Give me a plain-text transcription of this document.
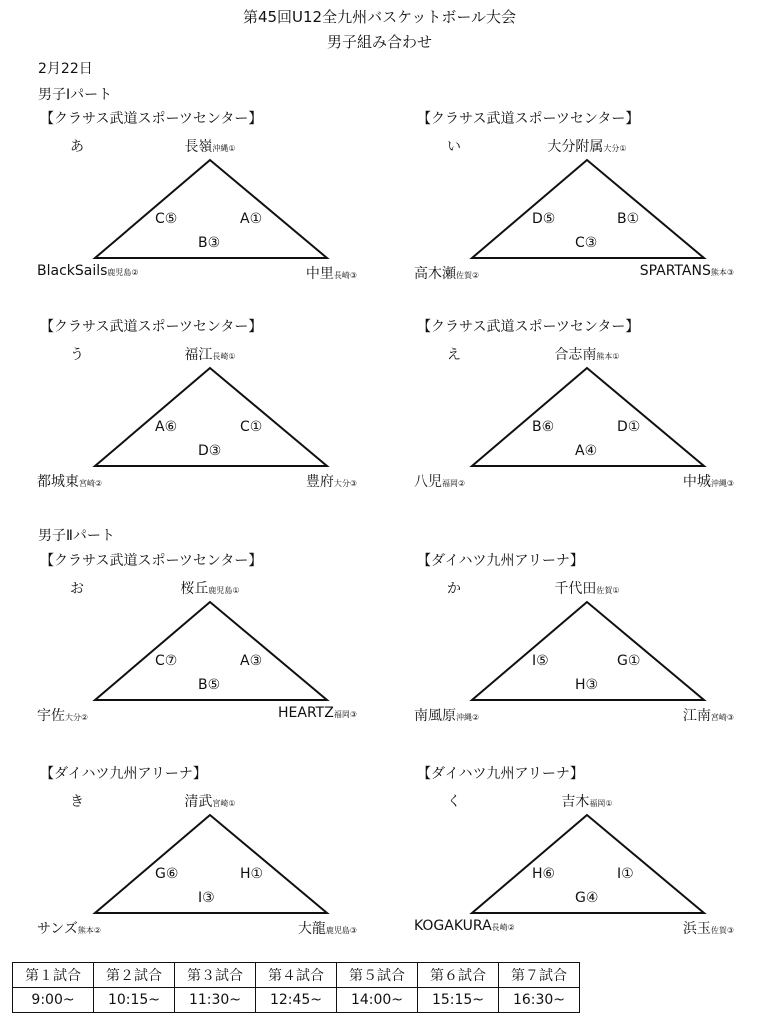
第45回U12全九州バスケットボール大会
男子組み合わせ
2月22日
男子Ⅰパート
男子Ⅱパート
【クラサス武道スポーツセンター】
あ	長嶺沖縄①
BlackSails鹿児島②	中里長崎③
C⑤	A①
B③
【クラサス武道スポーツセンター】
い	大分附属大分①
高木瀬佐賀②	SPARTANS熊本③
D⑤	B①
C③
【クラサス武道スポーツセンター】
う	福江長崎①
都城東宮崎②	豊府大分③
A⑥	C①
D③
【クラサス武道スポーツセンター】
え	合志南熊本①
八児福岡②	中城沖縄③
B⑥	D①
A④
【クラサス武道スポーツセンター】
お	桜丘鹿児島①
宇佐大分②	HEARTZ福岡③
C⑦	A③
B⑤
【ダイハツ九州アリーナ】
か	千代田佐賀①
南風原沖縄②	江南宮崎③
I⑤	G①
H③
【ダイハツ九州アリーナ】
き	清武宮崎①
サンズ熊本②	大龍鹿児島③
G⑥	H①
I③
【ダイハツ九州アリーナ】
く	吉木福岡①
KOGAKURA長崎②	浜玉佐賀③
H⑥	I①
G④
第１試合	第２試合	第３試合	第４試合	第５試合	第６試合	第７試合
9:00~	10:15~	11:30~	12:45~	14:00~	15:15~	16:30~
